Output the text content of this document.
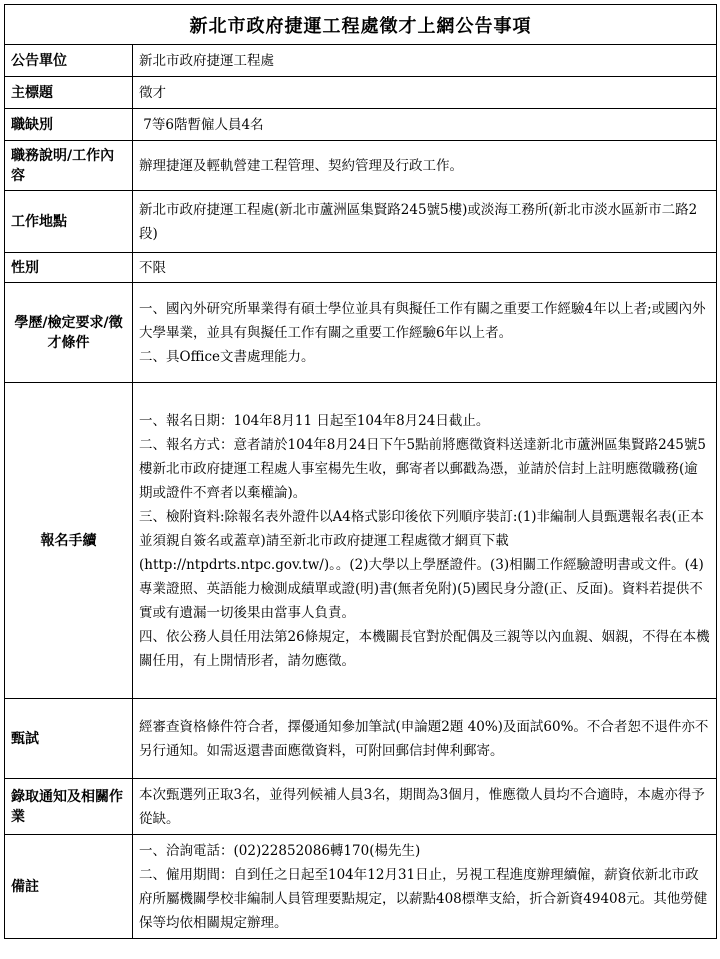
新北市政府捷運工程處徵才上網公告事項	
公告單位	新北市政府捷運工程處

主標題	徵才

職缺別	7等6階暫僱人員4名

職務說明/工作內容	辦理捷運及輕軌營建工程管理、契約管理及行政工作。

工作地點	新北市政府捷運工程處(新北市蘆洲區集賢路245號5樓)或淡海工務所(新北市淡水區新市二路2段)

性別	不限

學歷/檢定要求/徵才條件	一、國內外研究所畢業得有碩士學位並具有與擬任工作有關之重要工作經驗4年以上者;或國內外大學畢業，並具有與擬任工作有關之重要工作經驗6年以上者。
二、具Office文書處理能力。

報名手續	一、報名日期：104年8月11 日起至104年8月24日截止。
二、報名方式：意者請於104年8月24日下午5點前將應徵資料送達新北市蘆洲區集賢路245號5樓新北市政府捷運工程處人事室楊先生收，郵寄者以郵戳為憑，並請於信封上註明應徵職務(逾期或證件不齊者以棄權論)。
三、檢附資料:除報名表外證件以A4格式影印後依下列順序裝訂:(1)非編制人員甄選報名表(正本並須親自簽名或蓋章)請至新北市政府捷運工程處徵才網頁下載(http://ntpdrts.ntpc.gov.tw/)。。(2)大學以上學歷證件。(3)相關工作經驗證明書或文件。(4)專業證照、英語能力檢測成績單或證(明)書(無者免附)(5)國民身分證(正、反面)。資料若提供不實或有遺漏一切後果由當事人負責。
四、依公務人員任用法第26條規定，本機關長官對於配偶及三親等以內血親、姻親，不得在本機關任用，有上開情形者，請勿應徵。

甄試	經審查資格條件符合者，擇優通知參加筆試(申論題2題 40%)及面試60%。不合者恕不退件亦不另行通知。如需返還書面應徵資料，可附回郵信封俾利郵寄。

錄取通知及相關作業	本次甄選列正取3名，並得列候補人員3名，期間為3個月，惟應徵人員均不合適時，本處亦得予從缺。

備註	一、洽詢電話：(02)22852086轉170(楊先生)
二、僱用期間：自到任之日起至104年12月31日止，另視工程進度辦理續僱，薪資依新北市政府所屬機關學校非編制人員管理要點規定，以薪點408標準支給，折合新資49408元。其他勞健保等均依相關規定辦理。
